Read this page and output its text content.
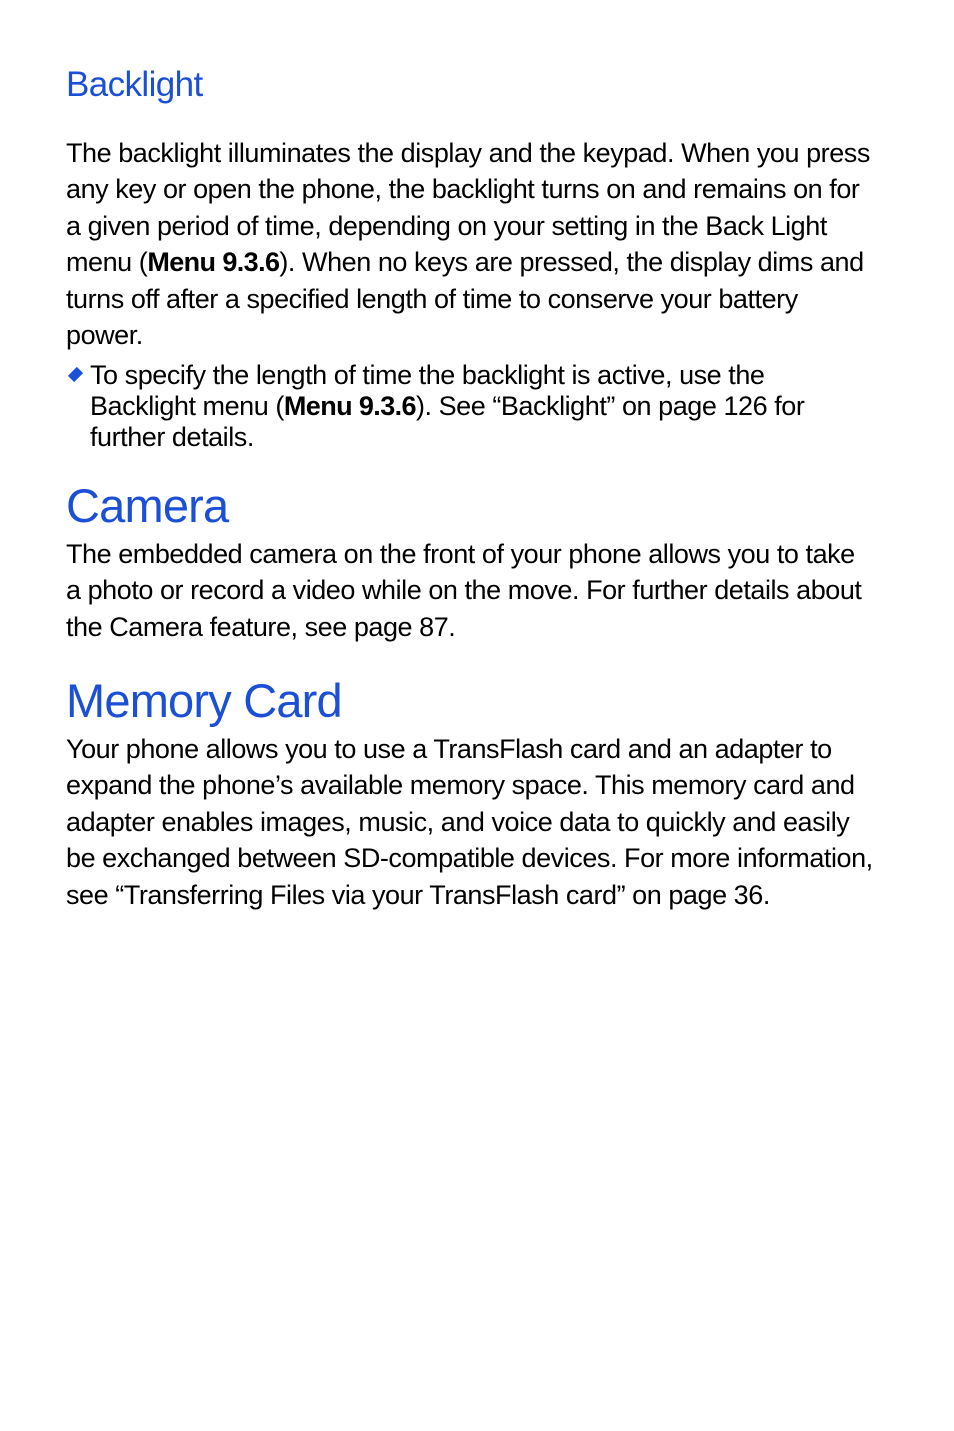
Backlight

The backlight illuminates the display and the keypad. When you press any key or open the phone, the backlight turns on and remains on for a given period of time, depending on your setting in the Back Light menu (Menu 9.3.6). When no keys are pressed, the display dims and turns off after a specified length of time to conserve your battery power.

To specify the length of time the backlight is active, use the Backlight menu (Menu 9.3.6). See “Backlight” on page 126 for further details.
Camera

The embedded camera on the front of your phone allows you to take a photo or record a video while on the move. For further details about the Camera feature, see page 87.

Memory Card

Your phone allows you to use a TransFlash card and an adapter to expand the phone’s available memory space. This memory card and adapter enables images, music, and voice data to quickly and easily be exchanged between SD-compatible devices. For more information, see “Transferring Files via your TransFlash card” on page 36.
